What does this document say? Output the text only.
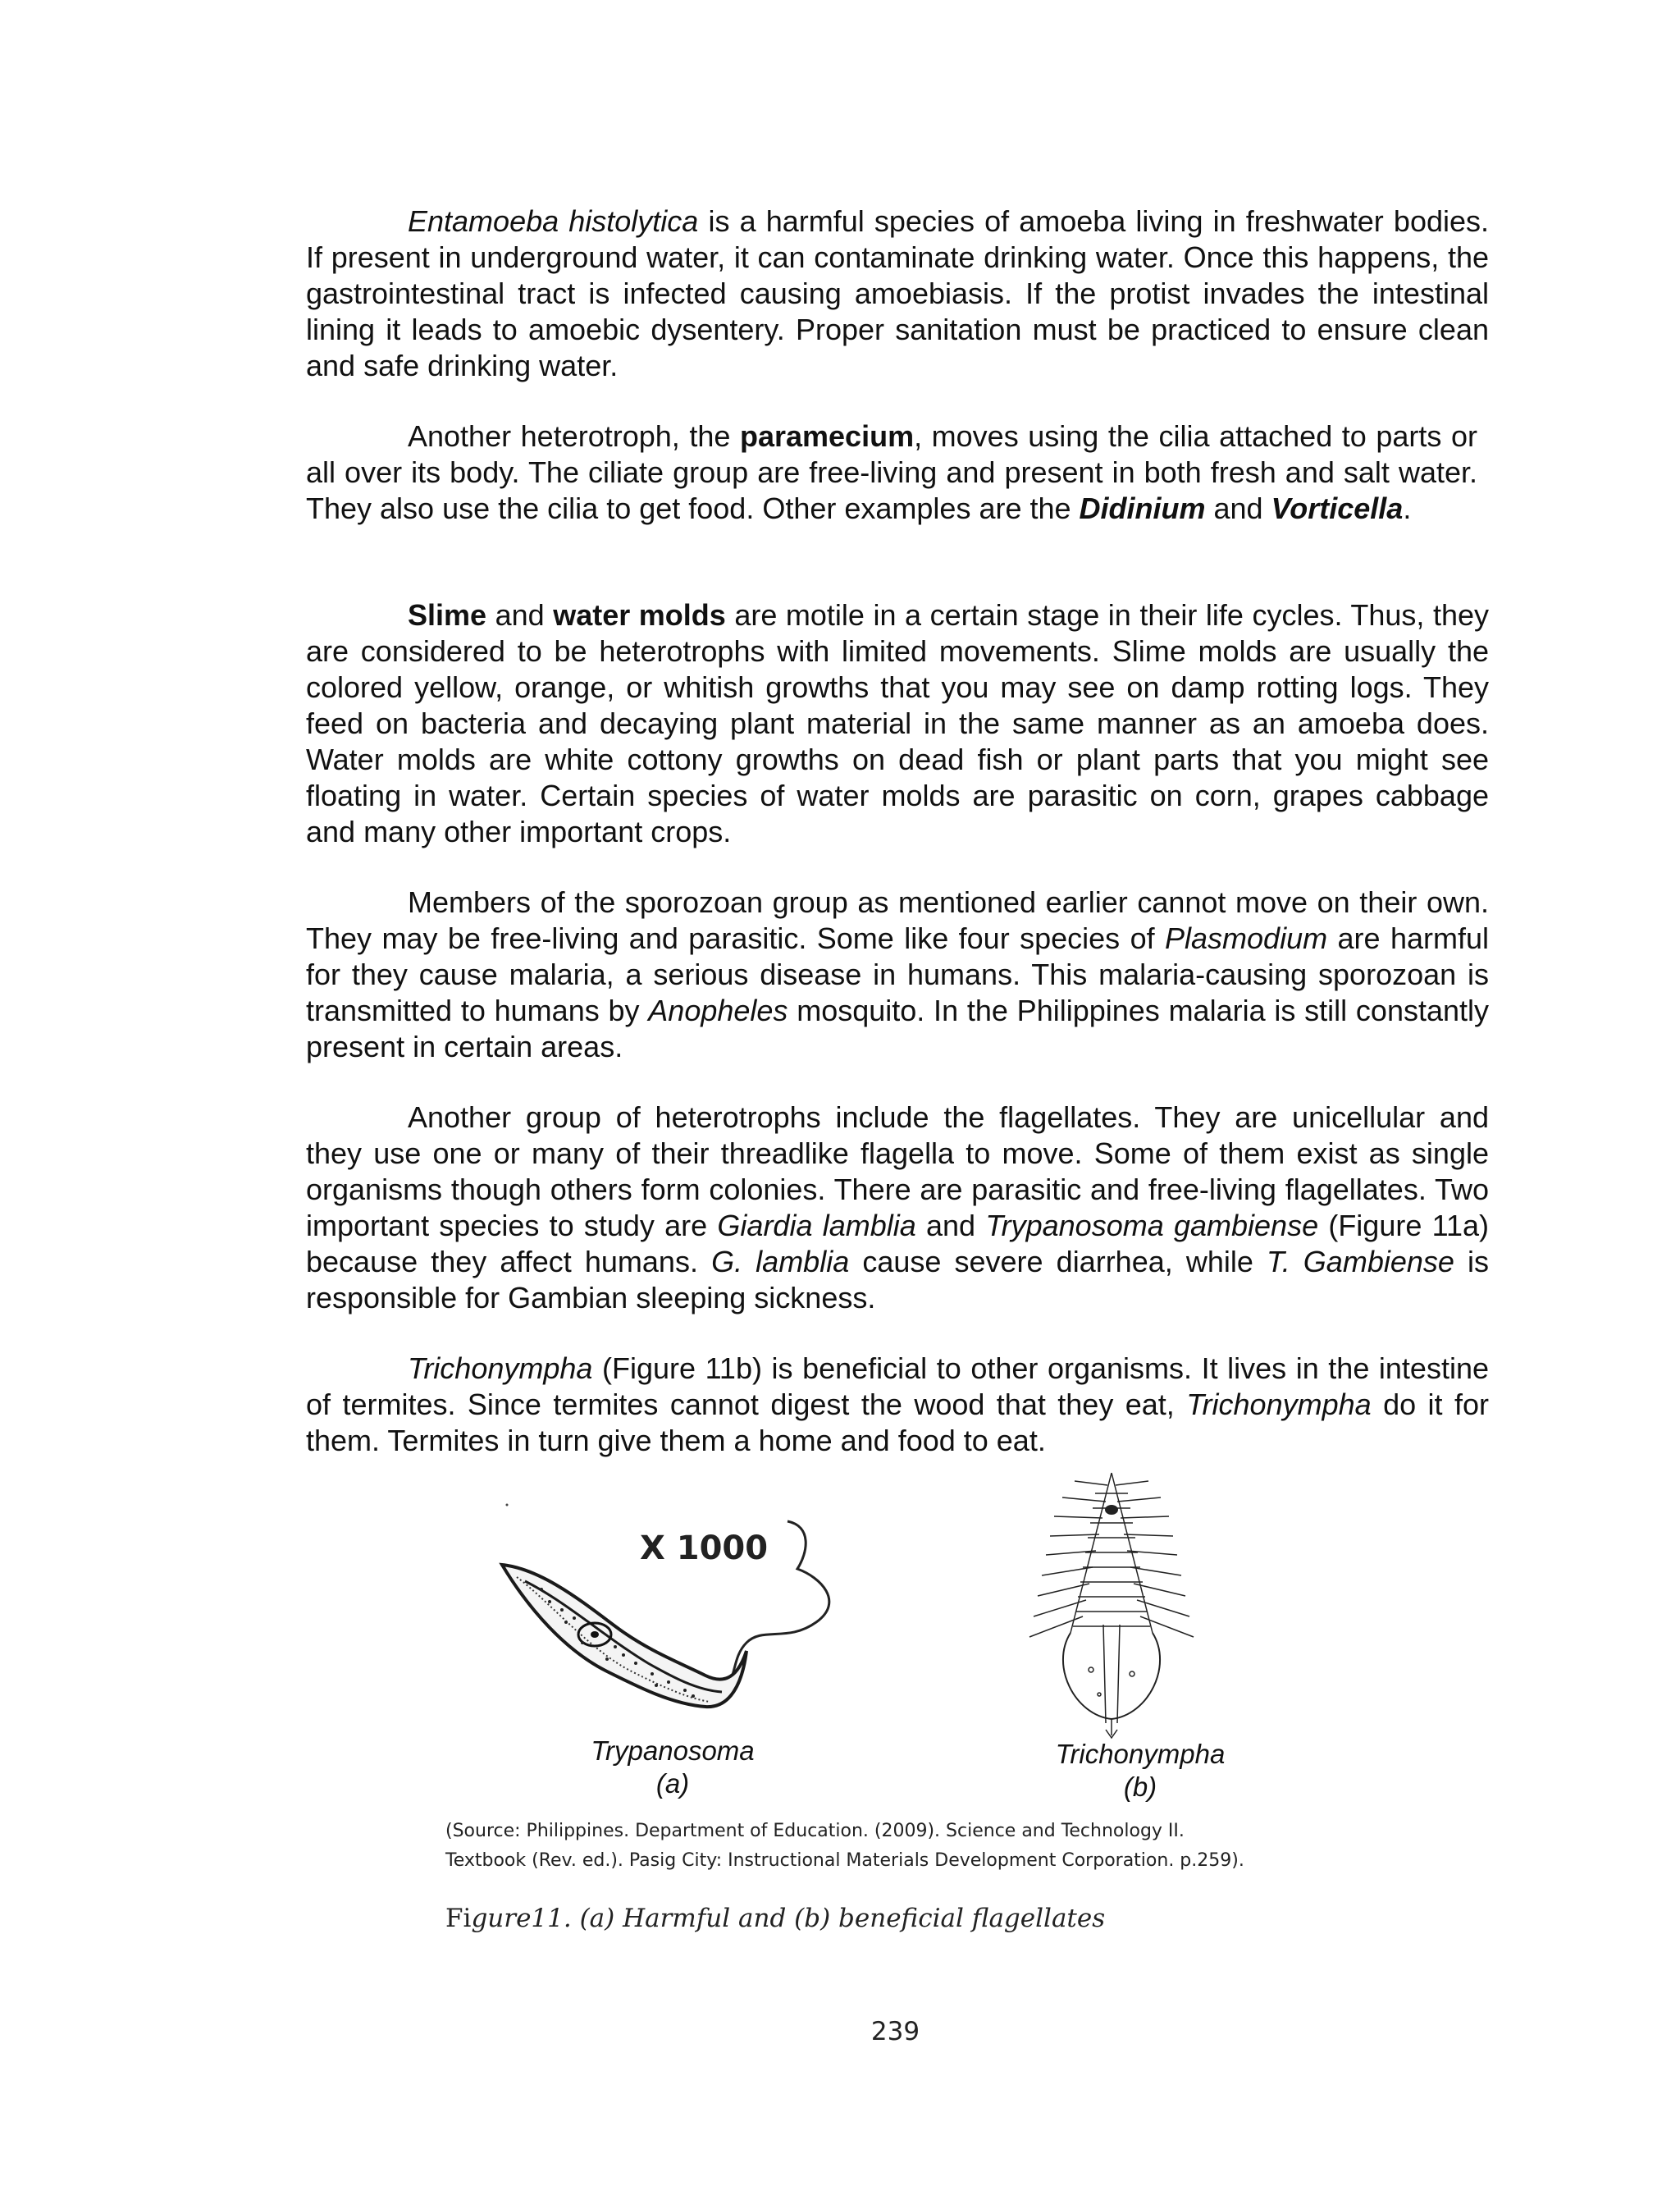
Entamoeba histolytica is a harmful species of amoeba living in freshwater bodies. If present in underground water, it can contaminate drinking water. Once this happens, the gastrointestinal tract is infected causing amoebiasis. If the protist invades the intestinal lining it leads to amoebic dysentery. Proper sanitation must be practiced to ensure clean and safe drinking water.

Another heterotroph, the paramecium, moves using the cilia attached to parts or all over its body. The ciliate group are free-living and present in both fresh and salt water. They also use the cilia to get food. Other examples are the Didinium and Vorticella.

Slime and water molds are motile in a certain stage in their life cycles. Thus, they are considered to be heterotrophs with limited movements. Slime molds are usually the colored yellow, orange, or whitish growths that you may see on damp rotting logs. They feed on bacteria and decaying plant material in the same manner as an amoeba does. Water molds are white cottony growths on dead fish or plant parts that you might see floating in water. Certain species of water molds are parasitic on corn, grapes cabbage and many other important crops.

Members of the sporozoan group as mentioned earlier cannot move on their own. They may be free-living and parasitic. Some like four species of Plasmodium are harmful for they cause malaria, a serious disease in humans. This malaria-causing sporozoan is transmitted to humans by Anopheles mosquito. In the Philippines malaria is still constantly present in certain areas.

Another group of heterotrophs include the flagellates. They are unicellular and they use one or many of their threadlike flagella to move. Some of them exist as single organisms though others form colonies. There are parasitic and free-living flagellates. Two important species to study are Giardia lamblia and Trypanosoma gambiense (Figure 11a) because they affect humans. G. lamblia cause severe diarrhea, while T. Gambiense is responsible for Gambian sleeping sickness.

Trichonympha (Figure 11b) is beneficial to other organisms. It lives in the intestine of termites. Since termites cannot digest the wood that they eat, Trichonympha do it for them. Termites in turn give them a home and food to eat.

X 1000
Trypanosoma
(a)
Trichonympha
(b)
(Source: Philippines. Department of Education. (2009). Science and Technology II.
Textbook (Rev. ed.). Pasig City: Instructional Materials Development Corporation. p.259).
Figure11. (a) Harmful and (b) beneficial flagellates
239
